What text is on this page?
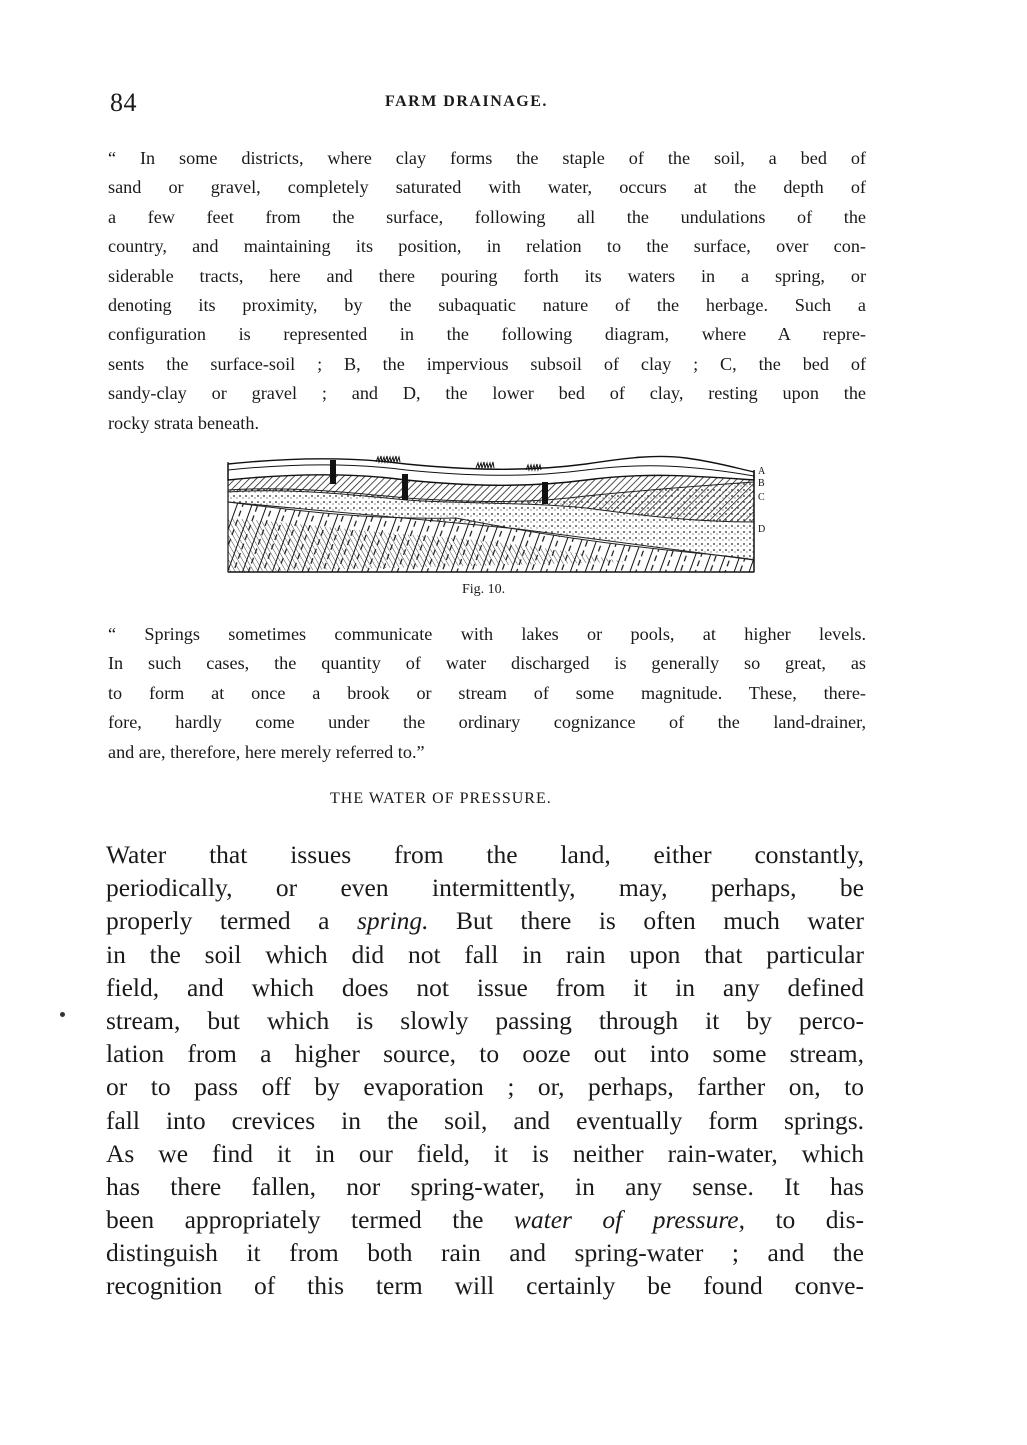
84	FARM DRAINAGE.
“ In some districts, where clay forms the staple of the soil, a bed of
sand or gravel, completely saturated with water, occurs at the depth of
a few feet from the surface, following all the undulations of the
country, and maintaining its position, in relation to the surface, over con-
siderable tracts, here and there pouring forth its waters in a spring, or
denoting its proximity, by the subaquatic nature of the herbage. Such a
configuration is represented in the following diagram, where A repre-
sents the surface-soil ; B, the impervious subsoil of clay ; C, the bed of
sandy-clay or gravel ; and D, the lower bed of clay, resting upon the
rocky strata beneath.
A
B
C
D
Fig. 10.
“ Springs sometimes communicate with lakes or pools, at higher levels.
In such cases, the quantity of water discharged is generally so great, as
to form at once a brook or stream of some magnitude. These, there-
fore, hardly come under the ordinary cognizance of the land-drainer,
and are, therefore, here merely referred to.”
THE WATER OF PRESSURE.
Water that issues from the land, either constantly,
periodically, or even intermittently, may, perhaps, be
properly termed a spring. But there is often much water
in the soil which did not fall in rain upon that particular
field, and which does not issue from it in any defined
stream, but which is slowly passing through it by perco-
lation from a higher source, to ooze out into some stream,
or to pass off by evaporation ; or, perhaps, farther on, to
fall into crevices in the soil, and eventually form springs.
As we find it in our field, it is neither rain-water, which
has there fallen, nor spring-water, in any sense. It has
been appropriately termed the water of pressure, to dis-
distinguish it from both rain and spring-water ; and the
recognition of this term will certainly be found conve-
